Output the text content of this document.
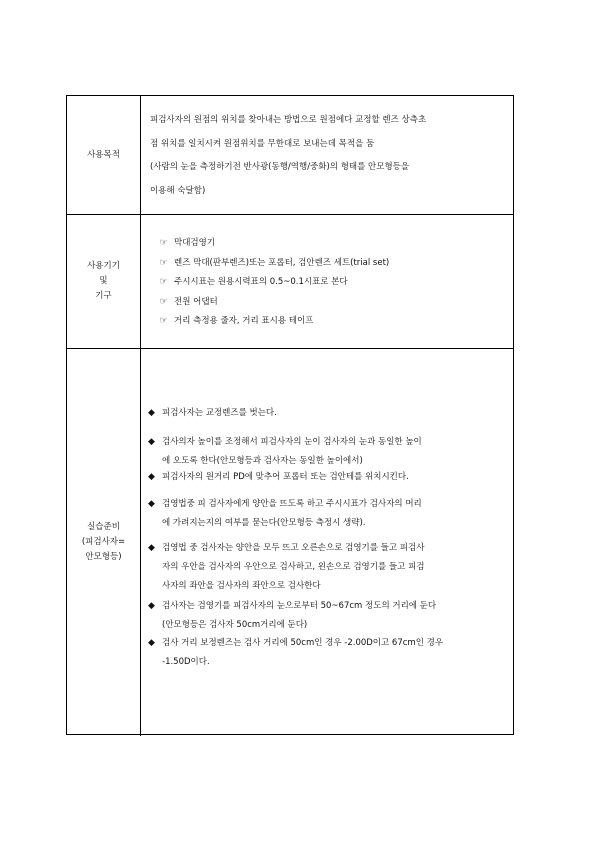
사용목적
피검사자의 원점의 위치를 찾아내는 방법으로 원점에다 교정할 렌즈 상측초
점 위치를 일치시켜 원점위치를 무한대로 보내는데 목적을 둠
(사람의 눈을 측정하기전 반사광(동행/역행/중화)의 형태를 안모형등을
이용해 숙달함)
사용기기
및
기구
☞ 막대검영기
☞ 렌즈 막대(판부렌즈)또는 포롭터, 검안렌즈 세트(trial set)
☞ 주시시표는 원용시력표의 0.5~0.1시표로 본다
☞ 전원 어댑터
☞ 거리 측정용 줄자, 거리 표시용 테이프
실습준비
(피검사자=
안모형등)
◆ 피검사자는 교정렌즈를 벗는다.
◆ 검사의자 높이를 조정해서 피검사자의 눈이 검사자의 눈과 동일한 높이
에 오도록 한다(안모형등과 검사자는 동일한 높이에서)
◆ 피검사자의 원거리 PD에 맞추어 포롭터 또는 검안테를 위치시킨다.
◆ 검영법중 피 검사자에게 양안을 뜨도록 하고 주시시표가 검사자의 머리
에 가려지는지의 여부를 묻는다(안모형등 측정시 생략).
◆ 검영법 중 검사자는 양안을 모두 뜨고 오른손으로 검영기를 들고 피검사
자의 우안을 검사자의 우안으로 검사하고, 왼손으로 검영기를 들고 피검
사자의 좌안을 검사자의 좌안으로 검사한다
◆ 검사자는 검영기를 피검사자의 눈으로부터 50~67cm 정도의 거리에 둔다
(안모형등은 검사자 50cm거리에 둔다)
◆ 검사 거리 보정렌즈는 검사 거리에 50cm인 경우 -2.00D이고 67cm인 경우
-1.50D이다.
